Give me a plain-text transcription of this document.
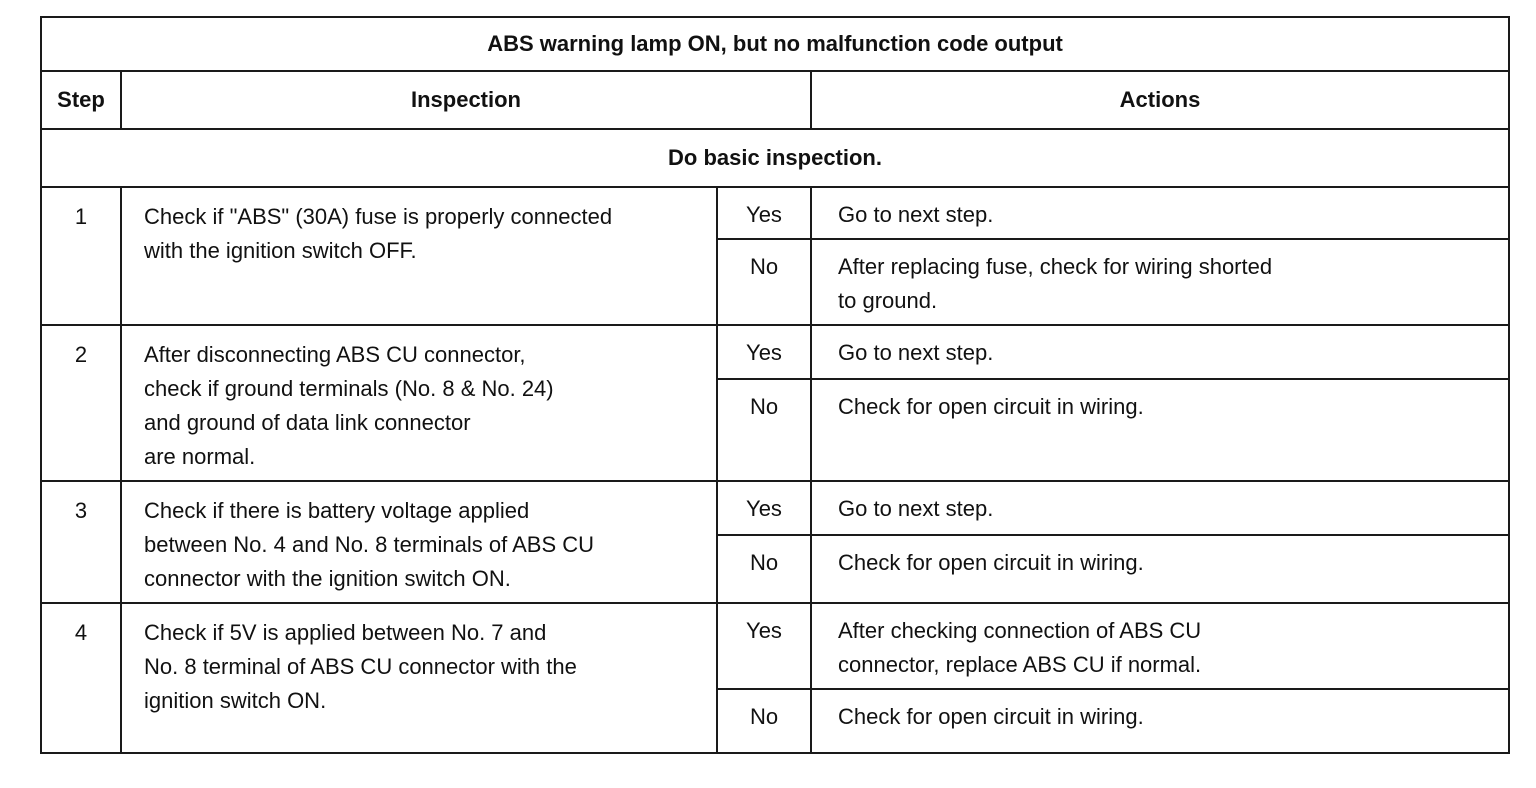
ABS warning lamp ON, but no malfunction code output			
Step	Inspection		Actions
Do basic inspection.			
1	Check if "ABS" (30A) fuse is properly connected
with the ignition switch OFF.	Yes	Go to next step.

		No	After replacing fuse, check for wiring shorted
to ground.

2	After disconnecting ABS CU connector,
check if ground terminals (No. 8 & No. 24)
and ground of data link connector
are normal.	Yes	Go to next step.

		No	Check for open circuit in wiring.

3	Check if there is battery voltage applied
between No. 4 and No. 8 terminals of ABS CU
connector with the ignition switch ON.	Yes	Go to next step.

		No	Check for open circuit in wiring.

4	Check if 5V is applied between No. 7 and
No. 8 terminal of ABS CU connector with the
ignition switch ON.	Yes	After checking connection of ABS CU
connector, replace ABS CU if normal.

		No	Check for open circuit in wiring.
